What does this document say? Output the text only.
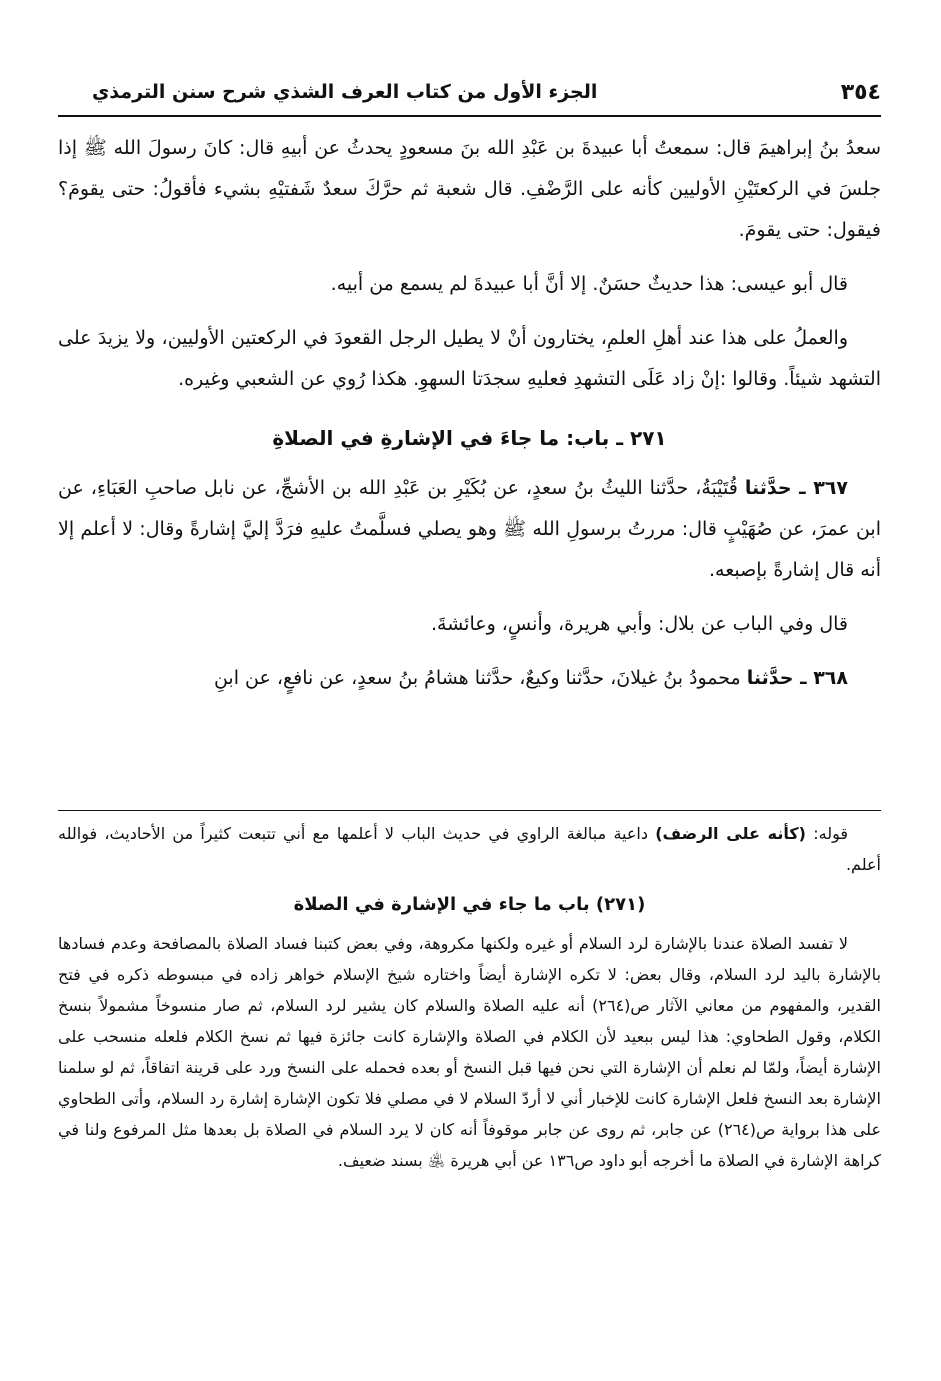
٣٥٤
الجزء الأول من كتاب العرف الشذي شرح سنن الترمذي

سعدُ بنُ إبراهيمَ قال: سمعتُ أبا عبيدةَ بن عَبْدِ الله بنَ مسعودٍ يحدثُ عن أبيهِ قال: كانَ رسولَ الله ﷺ إذا جلسَ في الركعتَيْنِ الأوليين كأنه على الرَّضْفِ. قال شعبة ثم حرَّكَ سعدٌ شَفتيْهِ بشيء فأقولُ: حتى يقومَ؟ فيقول: حتى يقومَ.

قال أبو عيسى: هذا حديثٌ حسَنٌ. إلا أنَّ أبا عبيدةَ لم يسمع من أبيه.

والعملُ على هذا عند أهلِ العلمِ، يختارون أنْ لا يطيل الرجل القعودَ في الركعتين الأوليين، ولا يزيدَ على التشهد شيئاً. وقالوا :إنْ زاد عَلَى التشهدِ فعليهِ سجدَتا السهوِ. هكذا رُوي عن الشعبي وغيره.

٢٧١ ـ باب: ما جاءَ في الإشارةِ في الصلاةِ

٣٦٧ ـ حدَّثنا قُتَيْبَةُ، حدَّثنا الليثُ بنُ سعدٍ، عن بُكَيْرِ بن عَبْدِ الله بن الأشجِّ، عن نابل صاحبِ العَبَاءِ، عن ابن عمرَ، عن صُهَيْبٍ قال: مررتُ برسولِ الله ﷺ وهو يصلي فسلَّمتُ عليهِ فرَدَّ إليَّ إشارةً وقال: لا أعلم إلا أنه قال إشارةً بإصبعه.

قال وفي الباب عن بلال: وأبي هريرة، وأنسٍ، وعائشةَ.

٣٦٨ ـ حدَّثنا محمودُ بنُ غيلانَ، حدَّثنا وكيعٌ، حدَّثنا هشامُ بنُ سعدٍ، عن نافعٍ، عن ابنِ

قوله: (كأنه على الرضف) داعية مبالغة الراوي في حديث الباب لا أعلمها مع أني تتبعت كثيراً من الأحاديث، فوالله أعلم.

(٢٧١) باب ما جاء في الإشارة في الصلاة

لا تفسد الصلاة عندنا بالإشارة لرد السلام أو غيره ولكنها مكروهة، وفي بعض كتبنا فساد الصلاة بالمصافحة وعدم فسادها بالإشارة باليد لرد السلام، وقال بعض: لا تكره الإشارة أيضاً واختاره شيخ الإسلام خواهر زاده في مبسوطه ذكره في فتح القدير، والمفهوم من معاني الآثار ص(٢٦٤) أنه عليه الصلاة والسلام كان يشير لرد السلام، ثم صار منسوخاً مشمولاً بنسخ الكلام، وقول الطحاوي: هذا ليس ببعيد لأن الكلام في الصلاة والإشارة كانت جائزة فيها ثم نسخ الكلام فلعله منسحب على الإشارة أيضاً، ولمّا لم نعلم أن الإشارة التي نحن فيها قبل النسخ أو بعده فحمله على النسخ ورد على قرينة اتفاقاً، ثم لو سلمنا الإشارة بعد النسخ فلعل الإشارة كانت للإخبار أني لا أردّ السلام لا في مصلي فلا تكون الإشارة إشارة رد السلام، وأتى الطحاوي على هذا برواية ص(٢٦٤) عن جابر، ثم روى عن جابر موقوفاً أنه كان لا يرد السلام في الصلاة بل بعدها مثل المرفوع ولنا في كراهة الإشارة في الصلاة ما أخرجه أبو داود ص١٣٦ عن أبي هريرة ﵁ بسند ضعيف.
